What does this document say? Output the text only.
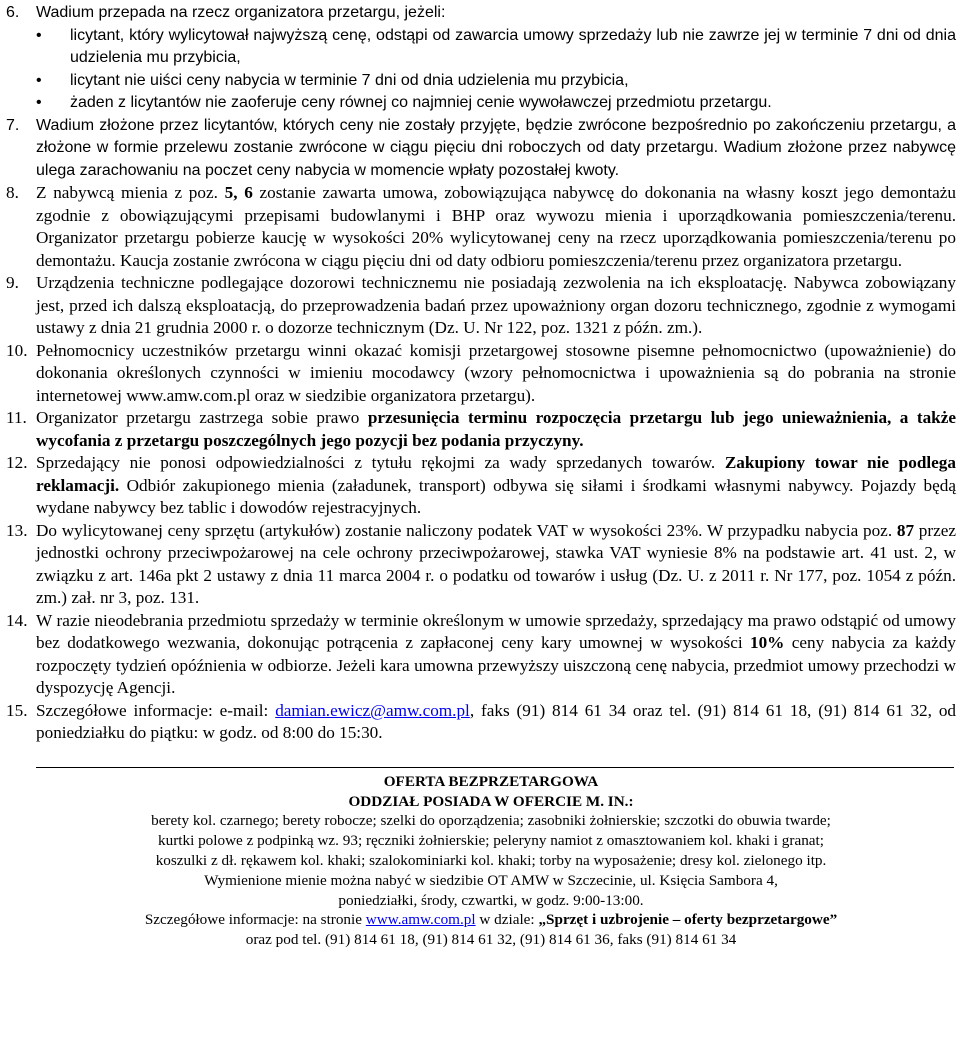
6.	Wadium przepada na rzecz organizatora przetargu, jeżeli:
•	licytant, który wylicytował najwyższą cenę, odstąpi od zawarcia umowy sprzedaży lub nie zawrze jej w terminie 7 dni od dnia udzielenia mu przybicia,
•	licytant nie uiści ceny nabycia w terminie 7 dni od dnia udzielenia mu przybicia,
•	żaden z licytantów nie zaoferuje ceny równej co najmniej cenie wywoławczej przedmiotu przetargu.
7.	Wadium złożone przez licytantów, których ceny nie zostały przyjęte, będzie zwrócone bezpośrednio po zakończeniu przetargu, a złożone w formie przelewu zostanie zwrócone w ciągu pięciu dni roboczych od daty przetargu. Wadium złożone przez nabywcę ulega zarachowaniu na poczet ceny nabycia w momencie wpłaty pozostałej kwoty.
8. Z nabywcą mienia z poz. 5, 6 zostanie zawarta umowa, zobowiązująca nabywcę do dokonania na własny koszt jego demontażu zgodnie z obowiązującymi przepisami budowlanymi i BHP oraz wywozu mienia i uporządkowania pomieszczenia/terenu. Organizator przetargu pobierze kaucję w wysokości 20% wylicytowanej ceny na rzecz uporządkowania pomieszczenia/terenu po demontażu. Kaucja zostanie zwrócona w ciągu pięciu dni od daty odbioru pomieszczenia/terenu przez organizatora przetargu.
9. Urządzenia techniczne podlegające dozorowi technicznemu nie posiadają zezwolenia na ich eksploatację. Nabywca zobowiązany jest, przed ich dalszą eksploatacją, do przeprowadzenia badań przez upoważniony organ dozoru technicznego, zgodnie z wymogami ustawy z dnia 21 grudnia 2000 r. o dozorze technicznym (Dz. U. Nr 122, poz. 1321 z późn. zm.).
10. Pełnomocnicy uczestników przetargu winni okazać komisji przetargowej stosowne pisemne pełnomocnictwo (upoważnienie) do dokonania określonych czynności w imieniu mocodawcy (wzory pełnomocnictwa i upoważnienia są do pobrania na stronie internetowej www.amw.com.pl oraz w siedzibie organizatora przetargu).
11. Organizator przetargu zastrzega sobie prawo przesunięcia terminu rozpoczęcia przetargu lub jego unieważnienia, a także wycofania z przetargu poszczególnych jego pozycji bez podania przyczyny.
12. Sprzedający nie ponosi odpowiedzialności z tytułu rękojmi za wady sprzedanych towarów. Zakupiony towar nie podlega reklamacji. Odbiór zakupionego mienia (załadunek, transport) odbywa się siłami i środkami własnymi nabywcy. Pojazdy będą wydane nabywcy bez tablic i dowodów rejestracyjnych.
13. Do wylicytowanej ceny sprzętu (artykułów) zostanie naliczony podatek VAT w wysokości 23%. W przypadku nabycia poz. 87 przez jednostki ochrony przeciwpożarowej na cele ochrony przeciwpożarowej, stawka VAT wyniesie 8% na podstawie art. 41 ust. 2, w związku z art. 146a pkt 2 ustawy z dnia 11 marca 2004 r. o podatku od towarów i usług (Dz. U. z 2011 r. Nr 177, poz. 1054 z późn. zm.) zał. nr 3, poz. 131.
14. W razie nieodebrania przedmiotu sprzedaży w terminie określonym w umowie sprzedaży, sprzedający ma prawo odstąpić od umowy bez dodatkowego wezwania, dokonując potrącenia z zapłaconej ceny kary umownej w wysokości 10% ceny nabycia za każdy rozpoczęty tydzień opóźnienia w odbiorze. Jeżeli kara umowna przewyższy uiszczoną cenę nabycia, przedmiot umowy przechodzi w dyspozycję Agencji.
15. Szczegółowe informacje: e-mail: damian.ewicz@amw.com.pl, faks (91) 814 61 34 oraz tel. (91) 814 61 18, (91) 814 61 32, od poniedziałku do piątku: w godz. od 8:00 do 15:30.
OFERTA BEZPRZETARGOWA
ODDZIAŁ POSIADA W OFERCIE M. IN.:
berety kol. czarnego; berety robocze; szelki do oporządzenia; zasobniki żołnierskie; szczotki do obuwia twarde;
kurtki polowe z podpinką wz. 93; ręczniki żołnierskie; peleryny namiot z omasztowaniem kol. khaki i granat;
koszulki z dł. rękawem kol. khaki; szalokominiarki kol. khaki; torby na wyposażenie; dresy kol. zielonego itp.
Wymienione mienie można nabyć w siedzibie OT AMW w Szczecinie, ul. Księcia Sambora 4,
poniedziałki, środy, czwartki, w godz. 9:00-13:00.
Szczegółowe informacje: na stronie www.amw.com.pl w dziale: „Sprzęt i uzbrojenie – oferty bezprzetargowe”
oraz pod tel. (91) 814 61 18, (91) 814 61 32, (91) 814 61 36, faks (91) 814 61 34
